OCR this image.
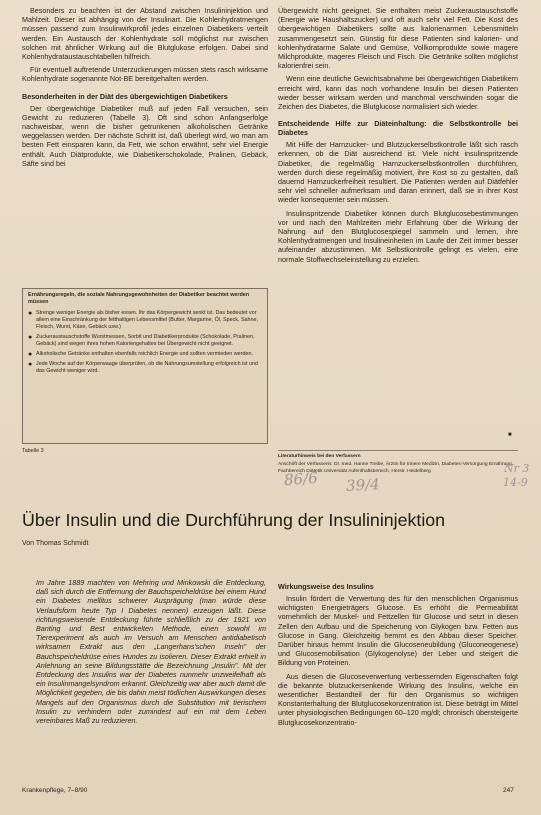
Besonders zu beachten ist der Abstand zwischen Insulininjektion und Mahlzeit. Dieser ist abhängig von der Insulinart. Die Kohlenhydratmengen müssen passend zum Insulinwirkprofil jedes einzelnen Diabetikers verteilt werden. Ein Austausch der Kohlenhydrate soll möglichst nur zwischen solchen mit ähnlicher Wirkung auf die Blutglukose erfolgen. Dabei sind Kohlenhydrataustauschtabellen hilfreich.

Für eventuell auftretende Unterzuckerungen müssen stets rasch wirksame Kohlenhydrate sogenannte Not-BE bereitgehalten werden.

Besonderheiten in der Diät des übergewichtigen Diabetikers

Der übergewichtige Diabetiker muß auf jeden Fall versuchen, sein Gewicht zu reduzieren (Tabelle 3). Oft sind schon Anfangserfolge nachweisbar, wenn die bisher getrunkenen alkoholischen Getränke weggelassen werden. Der nächste Schritt ist, daß überlegt wird, wo man am besten Fett einsparen kann, da Fett, wie schon erwähnt, sehr viel Energie enthält. Auch Diätprodukte, wie Diabetikerschokolade, Pralinen, Gebäck, Säfte sind bei

Übergewicht nicht geeignet. Sie enthalten meist Zuckeraustauschstoffe (Energie wie Haushaltszucker) und oft auch sehr viel Fett. Die Kost des übergewichtigen Diabetikers sollte aus kalorienarmen Lebensmitteln zusammengesetzt sein. Günstig für diese Patienten sind kalorien- und kohlenhydratarme Salate und Gemüse, Vollkornprodukte sowie magere Milchprodukte, mageres Fleisch und Fisch. Die Getränke sollten möglichst kalorienfrei sein.

Wenn eine deutliche Gewichtsabnahme bei übergewichtigen Diabetikern erreicht wird, kann das noch vorhandene Insulin bei diesen Patienten wieder besser wirksam werden und manchmal verschwinden sogar die Zeichen des Diabetes, die Blutglucose normalisiert sich wieder.

Entscheidende Hilfe zur Diäteinhaltung: die Selbstkontrolle bei Diabetes

Mit Hilfe der Harnzucker- und Blutzuckerselbstkontrolle läßt sich rasch erkennen, ob die Diät ausreichend ist. Viele nicht insulinspritzende Diabetiker, die regelmäßig Harnzuckerselbstkontrollen durchführen, werden durch diese regelmäßig motiviert, ihre Kost so zu gestalten, daß dauernd Harnzuckerfreiheit resultiert. Die Patienten werden auf Diätfehler sehr viel schneller aufmerksam und daran erinnert, daß sie in ihrer Kost wieder konsequenter sein müssen.

Insulinspritzende Diabetiker können durch Blutglucosebestimmungen vor und nach den Mahlzeiten mehr Erfahrung über die Wirkung der Nahrung auf den Blutglucosespiegel sammeln und lernen, ihre Kohlenhydratmengen und Insulineinheiten im Laufe der Zeit immer besser aufeinander abzustimmen. Mit Selbstkontrolle gelingt es vielen, eine normale Stoffwechseleinstellung zu erzielen.

■
Ernährungsregeln, die soziale Nahrungsgewohnheiten der Diabetiker beachtet werden müssen
● Strenge weniger Energie als bisher essen. Ihr das Körpergewicht senkt ist. Das bedeutet vor allem eine Einschränkung der fetthaltigen Lebensmittel (Butter, Margarine, Öl, Speck, Sahne, Fleisch, Wurst, Käse, Gebäck usw.)
● Zuckeraustauschstoffe Wurstmessen, Sorbit und Diabetikerprodukte (Schokolade, Pralinen, Gebäck) sind wegen ihres hohen Kaloriengehaltes bei Übergewicht nicht geeignet.
● Alkoholische Getränke enthalten ebenfalls reichlich Energie und sollten vermieden werden.
● Jede Woche auf der Körperwaage überprüfen, ob die Nahrungsumstellung erfolgreich ist und das Gewicht weniger wird.
Tabelle 3
Literaturhinweis bei den Verfassern
Anschrift der Verfasserin: Dr. med. Hanne Treibe, Ärztin für Innere Medizin, Diabetes-Versorgung Ernährung Fachbereich Diätetik Universität Aufenthaltsbereich, Herstr. Heidelberg
86/6 39/4
Nr 3
14-9
Über Insulin und die Durchführung der Insulininjektion
Von Thomas Schmidt
Im Jahre 1889 machten von Mehring und Minkowski die Entdeckung, daß sich durch die Entfernung der Bauchspeicheldrüse bei einem Hund ein Diabetes mellitus schwerer Ausprägung (man würde diese Verlaufsform heute Typ I Diabetes nennen) erzeugen läßt. Diese richtungsweisende Entdeckung führte schließlich zu der 1921 von Banting und Best entwickelten Methode, einen sowohl im Tierexperiment als auch im Versuch am Menschen antidiabetisch wirksamen Extrakt aus den „Langerhans'schen Inseln" der Bauchspeicheldrüse eines Hundes zu isolieren. Dieser Extrakt erhielt in Anlehnung an seine Bildungsstätte die Bezeichnung „Insulin". Mit der Entdeckung des Insulins war der Diabetes nunmehr unzweifelhaft als ein Insulinmangelsyndrom erkannt. Gleichzeitig war aber auch damit die Möglichkeit gegeben, die bis dahin meist tödlichen Auswirkungen dieses Mangels auf den Organismus durch die Substitution mit tierischem Insulin zu verhindern oder zumindest auf ein mit dem Leben vereinbares Maß zu reduzieren.
Wirkungsweise des Insulins

Insulin fördert die Verwertung des für den menschlichen Organismus wichtigsten Energieträgers Glucose. Es erhöht die Permeabilität vornehmlich der Muskel- und Fettzellen für Glucose und setzt in diesen Zellen den Aufbau und die Speicherung von Glykogen bzw. Fetten aus Glucose in Gang. Gleichzeitig hemmt es den Abbau dieser Speicher. Darüber hinaus hemmt Insulin die Glucoseneubildung (Gluconeogenese) und Glucosemobilisation (Glykogenolyse) der Leber und steigert die Bildung von Proteinen.

Aus diesen die Glucoseverwertung verbessernden Eigenschaften folgt die bekannte blutzuckersenkende Wirkung des Insulins, welche ein wesentlicher Bestandteil der für den Organismus so wichtigen Konstanterhaltung der Blutglucosekonzentration ist. Diese beträgt im Mittel unter physiologischen Bedingungen 60–120 mg/dl; chronisch übersteigerte Blutglucosekonzentratio-

Krankenpflege, 7–8/90	247
